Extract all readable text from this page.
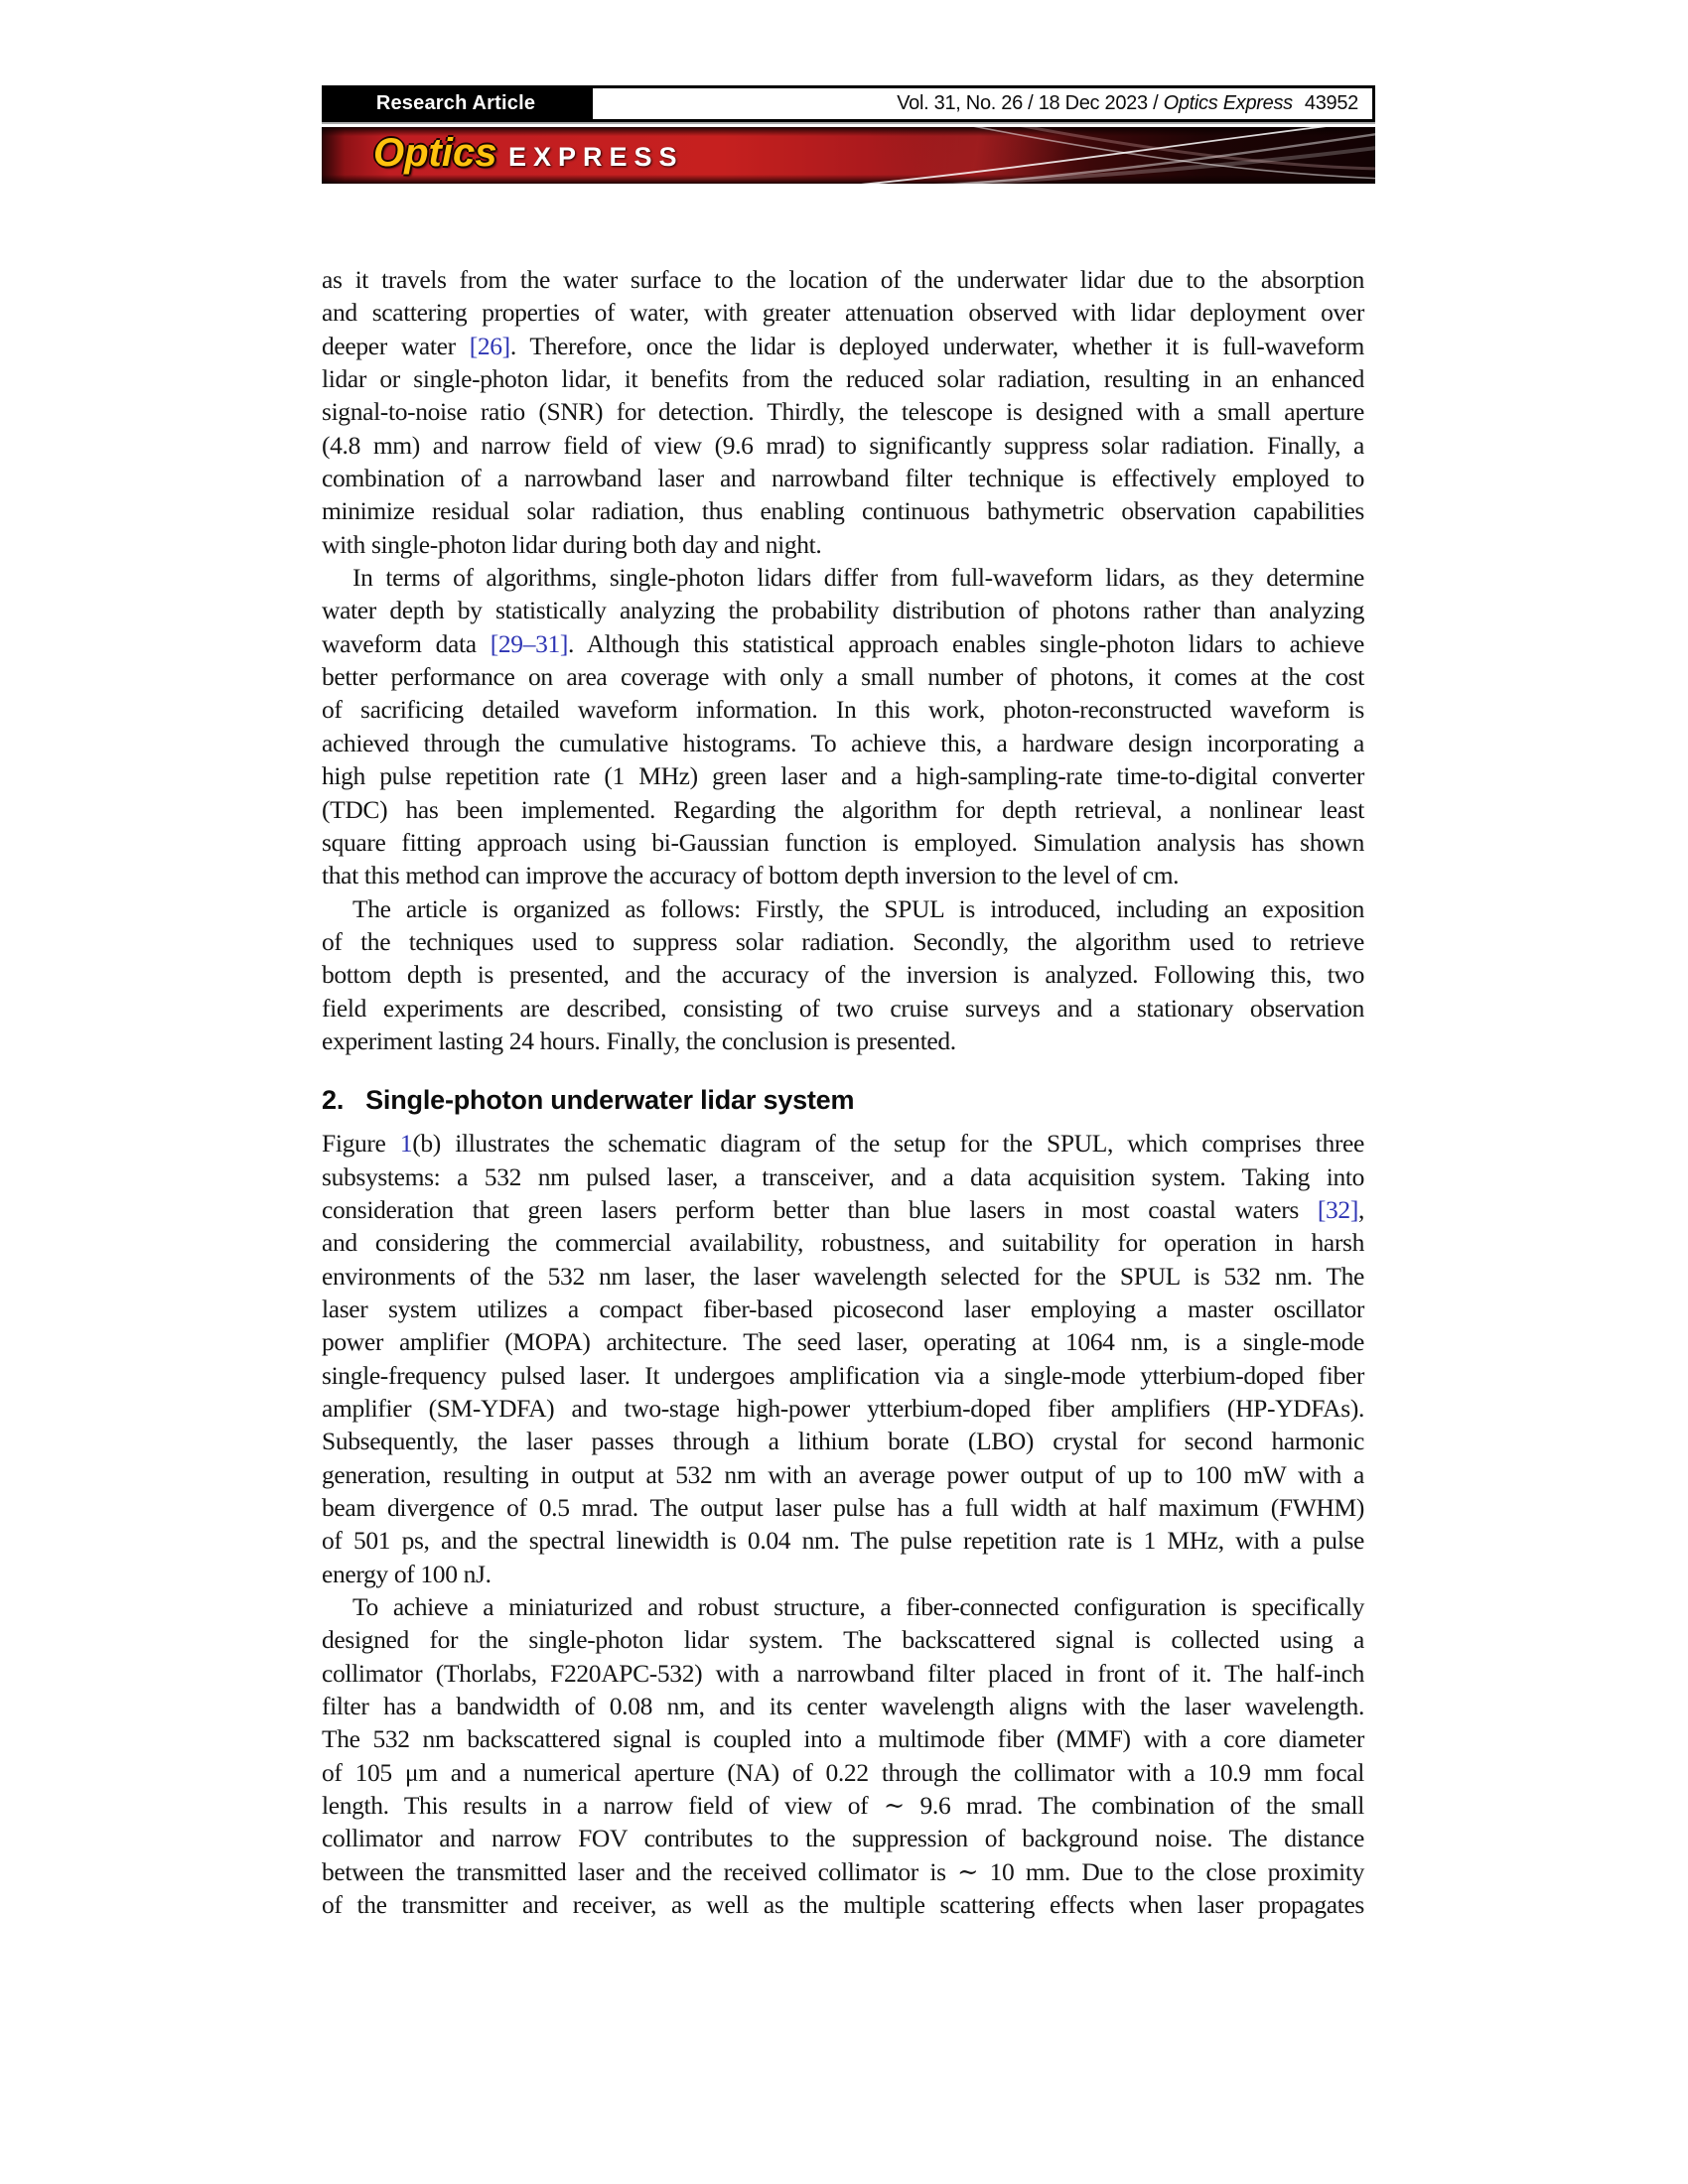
Research Article	Vol. 31, No. 26 / 18 Dec 2023 / Optics Express 43952
Optics EXPRESS
as it travels from the water surface to the location of the underwater lidar due to the absorption
and scattering properties of water, with greater attenuation observed with lidar deployment over
deeper water [26]. Therefore, once the lidar is deployed underwater, whether it is full-waveform
lidar or single-photon lidar, it benefits from the reduced solar radiation, resulting in an enhanced
signal-to-noise ratio (SNR) for detection. Thirdly, the telescope is designed with a small aperture
(4.8 mm) and narrow field of view (9.6 mrad) to significantly suppress solar radiation. Finally, a
combination of a narrowband laser and narrowband filter technique is effectively employed to
minimize residual solar radiation, thus enabling continuous bathymetric observation capabilities
with single-photon lidar during both day and night.
In terms of algorithms, single-photon lidars differ from full-waveform lidars, as they determine
water depth by statistically analyzing the probability distribution of photons rather than analyzing
waveform data [29–31]. Although this statistical approach enables single-photon lidars to achieve
better performance on area coverage with only a small number of photons, it comes at the cost
of sacrificing detailed waveform information. In this work, photon-reconstructed waveform is
achieved through the cumulative histograms. To achieve this, a hardware design incorporating a
high pulse repetition rate (1 MHz) green laser and a high-sampling-rate time-to-digital converter
(TDC) has been implemented. Regarding the algorithm for depth retrieval, a nonlinear least
square fitting approach using bi-Gaussian function is employed. Simulation analysis has shown
that this method can improve the accuracy of bottom depth inversion to the level of cm.
The article is organized as follows: Firstly, the SPUL is introduced, including an exposition
of the techniques used to suppress solar radiation. Secondly, the algorithm used to retrieve
bottom depth is presented, and the accuracy of the inversion is analyzed. Following this, two
field experiments are described, consisting of two cruise surveys and a stationary observation
experiment lasting 24 hours. Finally, the conclusion is presented.
2. Single-photon underwater lidar system
Figure 1(b) illustrates the schematic diagram of the setup for the SPUL, which comprises three
subsystems: a 532 nm pulsed laser, a transceiver, and a data acquisition system. Taking into
consideration that green lasers perform better than blue lasers in most coastal waters [32],
and considering the commercial availability, robustness, and suitability for operation in harsh
environments of the 532 nm laser, the laser wavelength selected for the SPUL is 532 nm. The
laser system utilizes a compact fiber-based picosecond laser employing a master oscillator
power amplifier (MOPA) architecture. The seed laser, operating at 1064 nm, is a single-mode
single-frequency pulsed laser. It undergoes amplification via a single-mode ytterbium-doped fiber
amplifier (SM-YDFA) and two-stage high-power ytterbium-doped fiber amplifiers (HP-YDFAs).
Subsequently, the laser passes through a lithium borate (LBO) crystal for second harmonic
generation, resulting in output at 532 nm with an average power output of up to 100 mW with a
beam divergence of 0.5 mrad. The output laser pulse has a full width at half maximum (FWHM)
of 501 ps, and the spectral linewidth is 0.04 nm. The pulse repetition rate is 1 MHz, with a pulse
energy of 100 nJ.
To achieve a miniaturized and robust structure, a fiber-connected configuration is specifically
designed for the single-photon lidar system. The backscattered signal is collected using a
collimator (Thorlabs, F220APC-532) with a narrowband filter placed in front of it. The half-inch
filter has a bandwidth of 0.08 nm, and its center wavelength aligns with the laser wavelength.
The 532 nm backscattered signal is coupled into a multimode fiber (MMF) with a core diameter
of 105 μm and a numerical aperture (NA) of 0.22 through the collimator with a 10.9 mm focal
length. This results in a narrow field of view of ∼ 9.6 mrad. The combination of the small
collimator and narrow FOV contributes to the suppression of background noise. The distance
between the transmitted laser and the received collimator is ∼ 10 mm. Due to the close proximity
of the transmitter and receiver, as well as the multiple scattering effects when laser propagates
